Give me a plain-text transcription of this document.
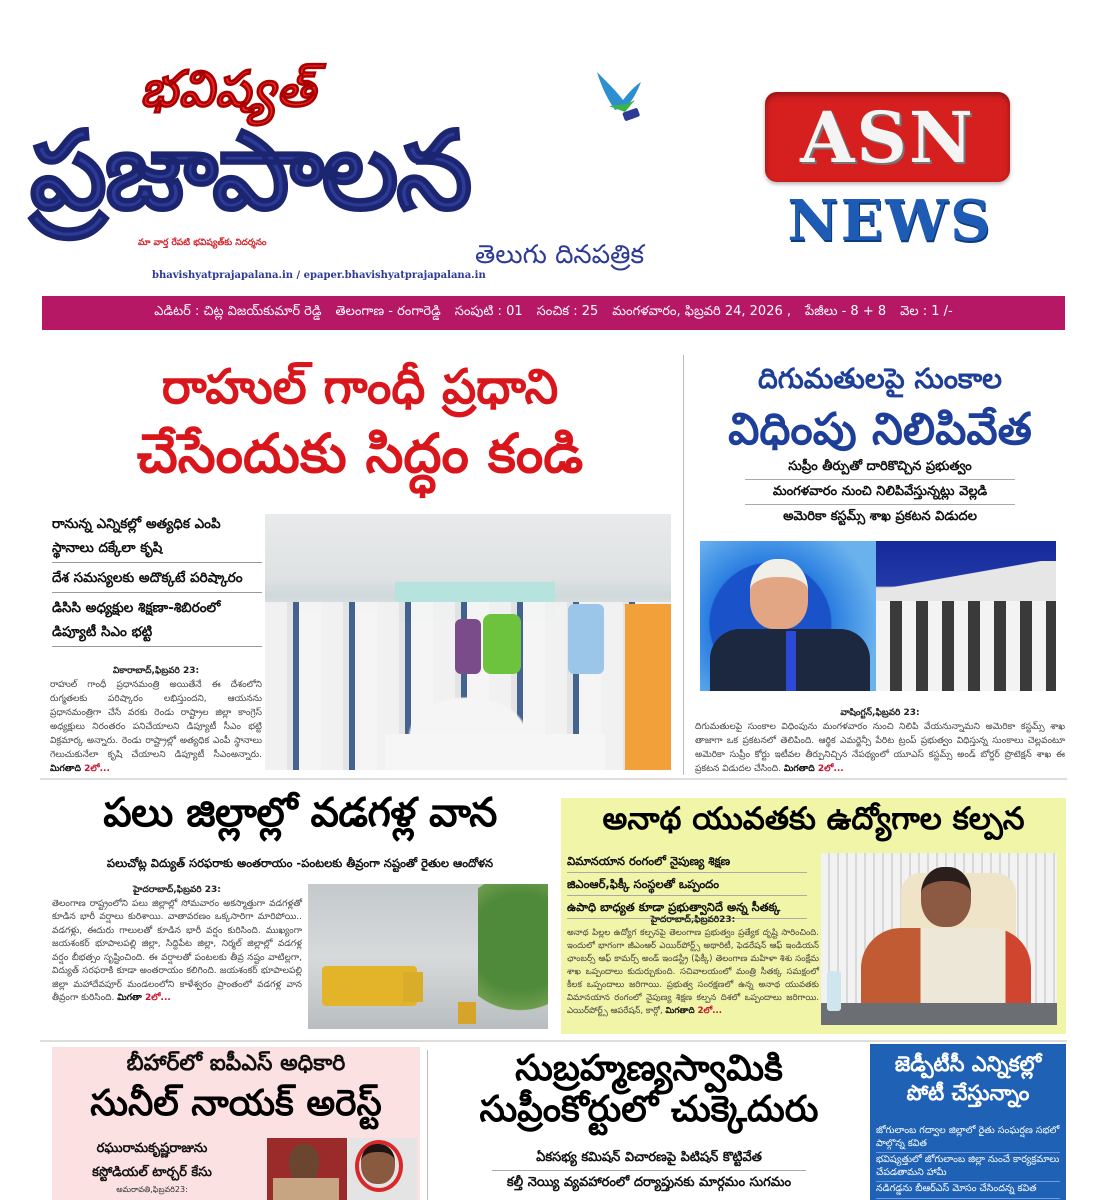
భవిష్యత్
ప్రజాపాలన
మా వార్త రేపటి భవిష్యత్‌కు నిదర్శనం	తెలుగు దినపత్రిక
bhavishyatprajapalana.in / epaper.bhavishyatprajapalana.in
ASN
NEWS
ఎడిటర్ : చిట్ల విజయ్‌కుమార్ రెడ్డి తెలంగాణ - రంగారెడ్డి సంపుటి : 01 సంచిక : 25 మంగళవారం, ఫిబ్రవరి 24, 2026 , పేజీలు - 8 + 8 వెల : 1 /-
రాహుల్ గాంధీ ప్రధాని
చేసేందుకు సిద్ధం కండి
రానున్న ఎన్నికల్లో అత్యధిక ఎంపి స్థానాలు దక్కేలా కృషి
దేశ సమస్యలకు అదొక్కటే పరిష్కారం
డిసిసి అధ్యక్షుల శిక్షణా-శిబిరంలో డిప్యూటీ సిఎం భట్టి
వికారాబాద్,ఫిబ్రవరి 23:
రాహుల్ గాంధీ ప్రధానమంత్రి అయితేనే ఈ దేశంలోని రుగ్మతలకు పరిష్కారం లభిస్తుందని, ఆయనను ప్రధానమంత్రిగా చేసే వరకు రెండు రాష్ట్రాల జిల్లా కాంగ్రెస్ అధ్యక్షులు నిరంతరం పనిచేయాలని డిప్యూటీ సీఎం భట్టి విక్రమార్క అన్నారు. రెండు రాష్ట్రాల్లో అత్యధిక ఎంపీ స్థానాలు గెలుచుకునేలా కృషి చేయాలని డిప్యూటీ సీఎంఅన్నారు. మిగతాది 2లో...
దిగుమతులపై సుంకాల
విధింపు నిలిపివేత
సుప్రీం తీర్పుతో దారికొచ్చిన ప్రభుత్వం
మంగళవారం నుంచి నిలిపివేస్తున్నట్లు వెల్లడి
అమెరికా కస్టమ్స్ శాఖ ప్రకటన విడుదల
వాషింగ్టన్,ఫిబ్రవరి 23:
దిగుమతులపై సుంకాల విధింపును మంగళవారం నుంచి నిలిపి వేయనున్నామని అమెరికా కస్టమ్స్ శాఖ తాజాగా ఒక ప్రకటనలో తెలిపింది. ఆర్థిక ఎమర్జెన్సీ పేరిట ట్రంప్ ప్రభుత్వం విధిస్తున్న సుంకాలు చెల్లవంటూ అమెరికా సుప్రీం కోర్టు ఇటీవల తీర్పునిచ్చిన నేపథ్యంలో యూఎస్ కస్టమ్స్ అండ్ బోర్డర్ ప్రొటెక్షన్ శాఖ ఈ ప్రకటన విడుదల చేసింది. మిగతాది 2లో...
పలు జిల్లాల్లో వడగళ్ల వాన
పలుచోట్ల విద్యుత్ సరఫరాకు అంతరాయం -పంటలకు తీవ్రంగా నష్టంతో రైతుల ఆందోళన
హైదరాబాద్,ఫిబ్రవరి 23:
తెలంగాణ రాష్ట్రంలోని పలు జిల్లాల్లో సోమవారం అకస్మాత్తుగా వడగళ్లతో కూడిన భారీ వర్షాలు కురిశాయి. వాతావరణం ఒక్కసారిగా మారిపోయి.. వడగళ్లు, ఈదురు గాలులతో కూడిన భారీ వర్షం కురిసింది. ముఖ్యంగా జయశంకర్ భూపాలపల్లి జిల్లా, సిద్దిపేట జిల్లా, నిర్మల్ జిల్లాల్లో వడగళ్ల వర్షం బీభత్సం సృష్టించింది. ఈ వర్షాలతో పంటలకు తీవ్ర నష్టం వాటిల్లగా, విద్యుత్ సరఫరాకి కూడా అంతరాయం కలిగింది. జయశంకర్ భూపాలపల్లి జిల్లా మహాదేవపూర్ మండలంలోని కాళేశ్వరం ప్రాంతంలో వడగళ్ల వాన తీవ్రంగా కురిసింది. మిగతా 2లో...
అనాథ యువతకు ఉద్యోగాల కల్పన
విమానయాన రంగంలో నైపుణ్య శిక్షణ
జిఎంఆర్,ఫిక్కీ సంస్థలతో ఒప్పందం
ఉపాధి బాధ్యత కూడా ప్రభుత్వానిదే అన్న సీతక్క
హైదరాబాద్,ఫిబ్రవరి23:
అనాథ పిల్లల ఉద్యోగ కల్పనపై తెలంగాణ ప్రభుత్వం ప్రత్యేక దృష్టి సారించింది. ఇందులో భాగంగా జీఎంఆర్ ఎయిర్‌పోర్ట్స్ అథారిటీ, ఫెడరేషన్ ఆఫ్ ఇండియన్ ఛాంబర్స్ ఆఫ్ కామర్స్ అండ్ ఇండస్ట్రీ (ఫిక్కీ) తెలంగాణ మహిళా శిశు సంక్షేమ శాఖ ఒప్పందాలు కుదుర్చుకుంది. సచివాలయంలో మంత్రి సీతక్క సమక్షంలో కీలక ఒప్పందాలు జరిగాయి. ప్రభుత్వ సంరక్షణలో ఉన్న అనాథ యువతకు విమానయాన రంగంలో నైపుణ్య శిక్షణ కల్పన దిశలో ఒప్పందాలు జరిగాయి. ఎయిర్‌పోర్ట్స్ ఆపరేషన్, కార్గో, మిగతాది 2లో...
బీహార్‌లో ఐపీఎస్ అధికారి
సునీల్ నాయక్ అరెస్ట్
రఘురామకృష్ణరాజును
కస్టోడియల్ టార్చర్ కేసు
అమరావతి,ఫిబ్రవరి23:
సుబ్రహ్మణ్యస్వామికి
సుప్రీంకోర్టులో చుక్కెదురు
ఏకసభ్య కమిషన్ విచారణపై పిటిషన్ కొట్టివేత
కల్తీ నెయ్యి వ్యవహారంలో దర్యాప్తునకు మార్గమం సుగమం
జెడ్పీటీసీ ఎన్నికల్లో
పోటీ చేస్తున్నాం
జోగులాంబ గద్వాల జిల్లాలో రైతు సంఘర్షణ సభలో పాల్గొన్న కవిత
భవిష్యత్తులో జోగులాంబ జిల్లా నుంచే కార్యక్రమాలు చేపడతామని హామీ
నడిగడ్డను బీఆర్ఎస్ మోసం చేసిందన్న కవిత
